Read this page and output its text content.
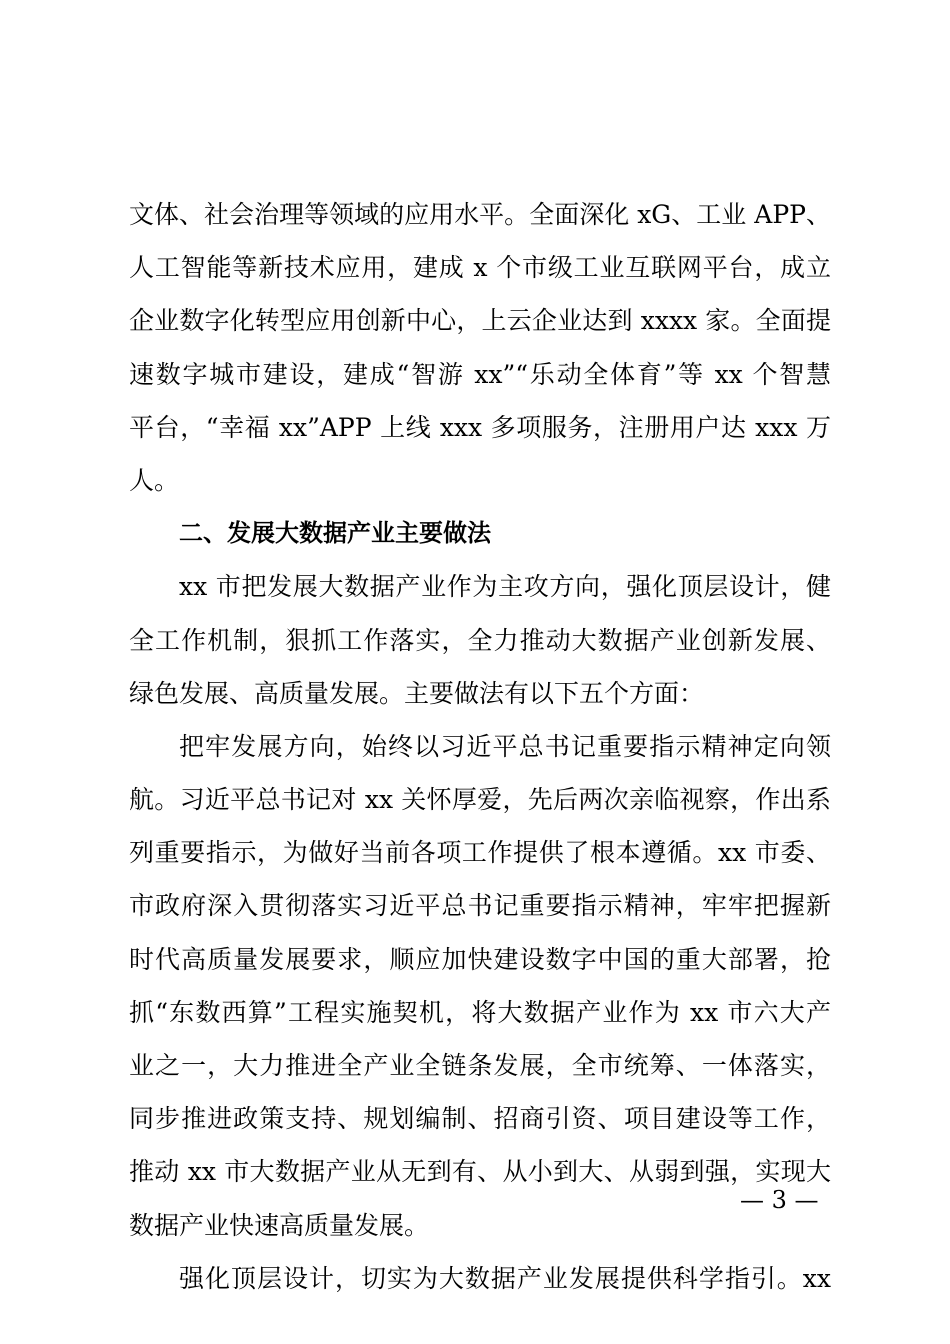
文体、社会治理等领域的应用水平。全面深化 xG、工业 APP、
人工智能等新技术应用，建成 x 个市级工业互联网平台，成立
企业数字化转型应用创新中心，上云企业达到 xxxx 家。全面提
速数字城市建设，建成“智游 xx”“乐动全体育”等 xx 个智慧
平台，“幸福 xx”APP 上线 xxx 多项服务，注册用户达 xxx 万
人。
二、发展大数据产业主要做法
xx 市把发展大数据产业作为主攻方向，强化顶层设计，健
全工作机制，狠抓工作落实，全力推动大数据产业创新发展、
绿色发展、高质量发展。主要做法有以下五个方面：
把牢发展方向，始终以习近平总书记重要指示精神定向领
航。习近平总书记对 xx 关怀厚爱，先后两次亲临视察，作出系
列重要指示，为做好当前各项工作提供了根本遵循。xx 市委、
市政府深入贯彻落实习近平总书记重要指示精神，牢牢把握新
时代高质量发展要求，顺应加快建设数字中国的重大部署，抢
抓“东数西算”工程实施契机，将大数据产业作为 xx 市六大产
业之一，大力推进全产业全链条发展，全市统筹、一体落实，
同步推进政策支持、规划编制、招商引资、项目建设等工作，
推动 xx 市大数据产业从无到有、从小到大、从弱到强，实现大
数据产业快速高质量发展。
强化顶层设计，切实为大数据产业发展提供科学指引。xx
— 3 —
